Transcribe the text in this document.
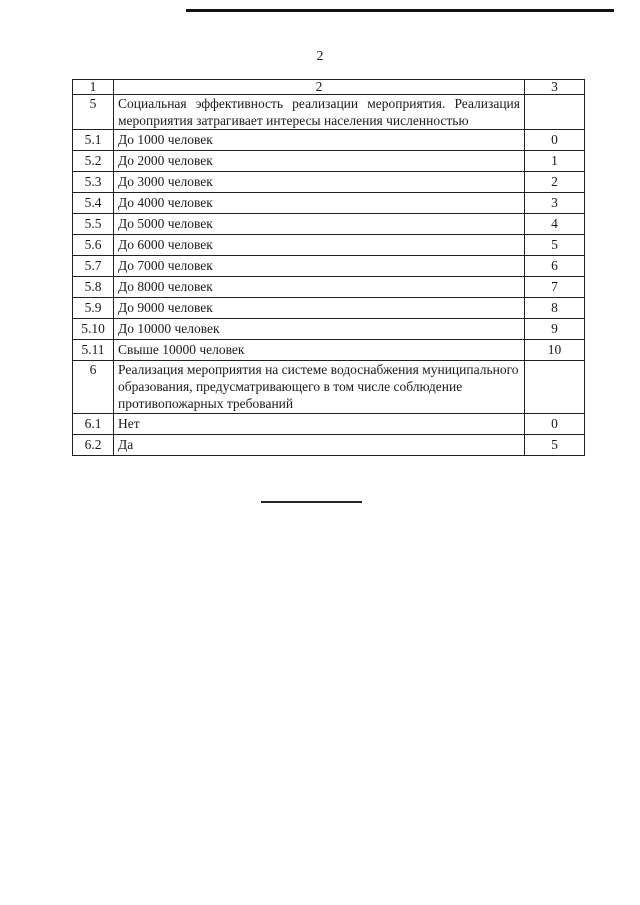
2
1	2	3
5	Социальная эффективность реализации мероприятия. Реализация мероприятия затрагивает интересы населения численностью	
5.1	До 1000 человек	0
5.2	До 2000 человек	1
5.3	До 3000 человек	2
5.4	До 4000 человек	3
5.5	До 5000 человек	4
5.6	До 6000 человек	5
5.7	До 7000 человек	6
5.8	До 8000 человек	7
5.9	До 9000 человек	8
5.10	До 10000 человек	9
5.11	Свыше 10000 человек	10
6	Реализация мероприятия на системе водоснабжения муниципального образования, предусматривающего в том числе соблюдение противопожарных требований	
6.1	Нет	0
6.2	Да	5
